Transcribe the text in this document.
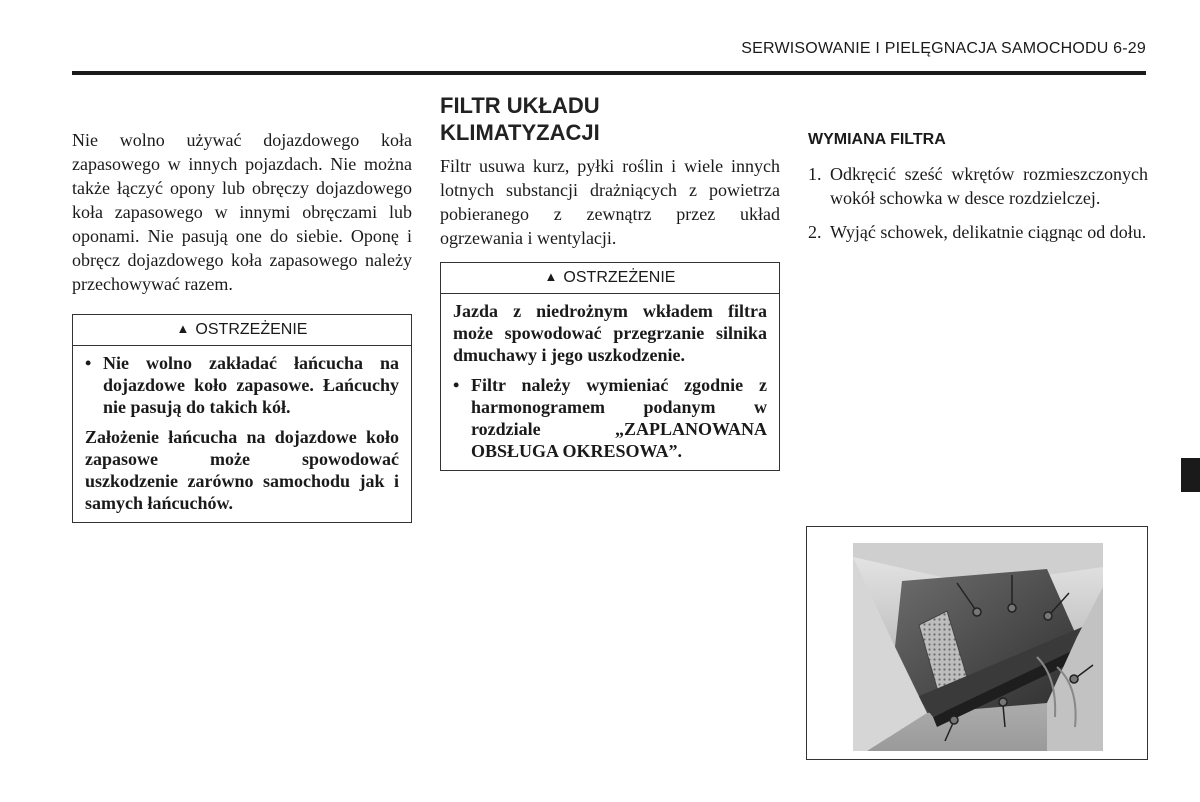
SERWISOWANIE I PIELĘGNACJA SAMOCHODU 6-29

Nie wolno używać dojazdowego koła zapasowego w innych pojazdach. Nie można także łączyć opony lub obręczy dojazdowego koła zapasowego w innymi obręczami lub oponami. Nie pasują one do siebie. Oponę i obręcz dojazdowego koła zapasowego należy przechowywać razem.

▲ OSTRZEŻENIE
• Nie wolno zakładać łańcucha na dojazdowe koło zapasowe. Łańcuchy nie pasują do takich kół.

Założenie łańcucha na dojazdowe koło zapasowe może spowodować uszkodzenie zarówno samochodu jak i samych łańcuchów.

FILTR UKŁADU
KLIMATYZACJI

Filtr usuwa kurz, pyłki roślin i wiele innych lotnych substancji drażniących z powietrza pobieranego z zewnątrz przez układ ogrzewania i wentylacji.

▲ OSTRZEŻENIE

Jazda z niedrożnym wkładem filtra może spowodować przegrzanie silnika dmuchawy i jego uszkodzenie.

• Filtr należy wymieniać zgodnie z harmonogramem podanym w rozdziale „ZAPLANOWANA OBSŁUGA OKRESOWA”.
WYMIANA FILTRA
1. Odkręcić sześć wkrętów rozmieszczonych wokół schowka w desce rozdzielczej.
2. Wyjąć schowek, delikatnie ciągnąc od dołu.
